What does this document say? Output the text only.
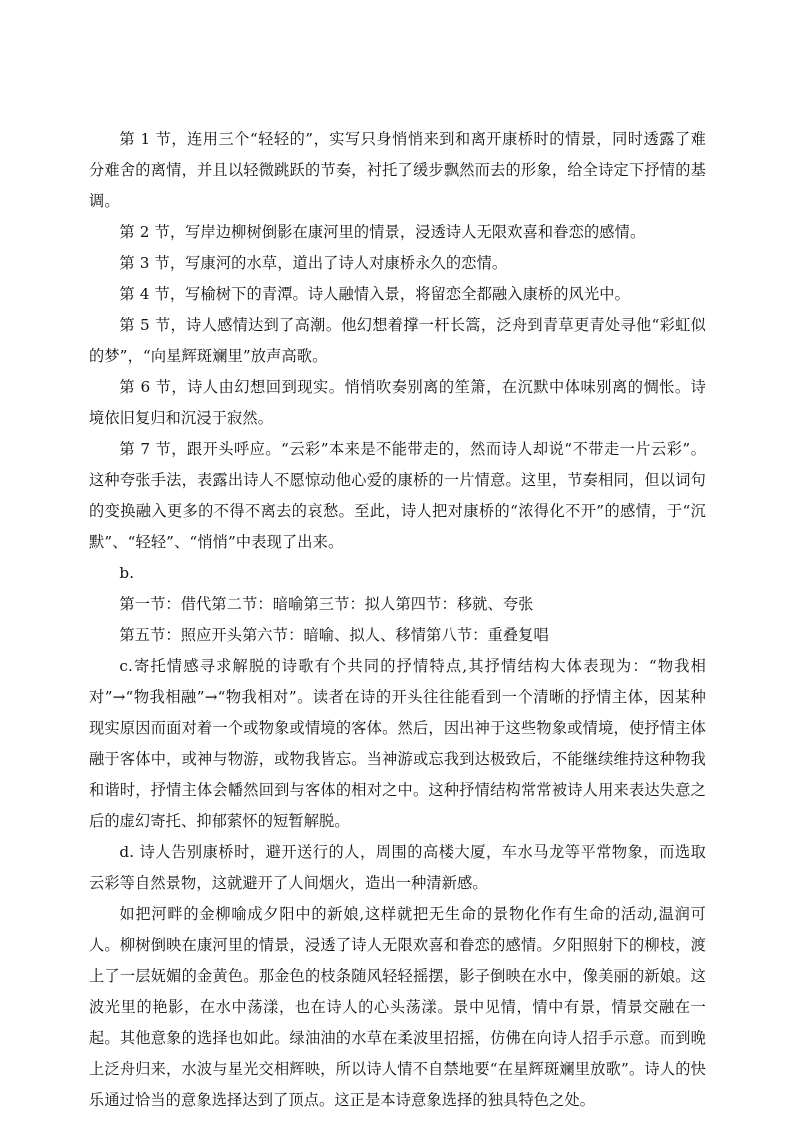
第 1 节，连用三个“轻轻的”，实写只身悄悄来到和离开康桥时的情景，同时透露了难分难舍的离情，并且以轻微跳跃的节奏，衬托了缓步飘然而去的形象，给全诗定下抒情的基调。

第 2 节，写岸边柳树倒影在康河里的情景，浸透诗人无限欢喜和眷恋的感情。

第 3 节，写康河的水草，道出了诗人对康桥永久的恋情。

第 4 节，写榆树下的青潭。诗人融情入景，将留恋全都融入康桥的风光中。

第 5 节，诗人感情达到了高潮。他幻想着撑一杆长篙，泛舟到青草更青处寻他“彩虹似的梦”，“向星辉斑斓里”放声高歌。

第 6 节，诗人由幻想回到现实。悄悄吹奏别离的笙箫，在沉默中体味别离的惆怅。诗境依旧复归和沉浸于寂然。

第 7 节，跟开头呼应。“云彩”本来是不能带走的，然而诗人却说“不带走一片云彩”。这种夸张手法，表露出诗人不愿惊动他心爱的康桥的一片情意。这里，节奏相同，但以词句的变换融入更多的不得不离去的哀愁。至此，诗人把对康桥的“浓得化不开”的感情，于“沉默”、“轻轻”、“悄悄”中表现了出来。

b.

第一节：借代第二节：暗喻第三节：拟人第四节：移就、夸张

第五节：照应开头第六节：暗喻、拟人、移情第八节：重叠复唱

c.寄托情感寻求解脱的诗歌有个共同的抒情特点,其抒情结构大体表现为：“物我相对”→“物我相融”→“物我相对”。读者在诗的开头往往能看到一个清晰的抒情主体，因某种现实原因而面对着一个或物象或情境的客体。然后，因出神于这些物象或情境，使抒情主体融于客体中，或神与物游，或物我皆忘。当神游或忘我到达极致后，不能继续维持这种物我和谐时，抒情主体会幡然回到与客体的相对之中。这种抒情结构常常被诗人用来表达失意之后的虚幻寄托、抑郁萦怀的短暂解脱。

d. 诗人告别康桥时，避开送行的人，周围的高楼大厦，车水马龙等平常物象，而选取云彩等自然景物，这就避开了人间烟火，造出一种清新感。

如把河畔的金柳喻成夕阳中的新娘,这样就把无生命的景物化作有生命的活动,温润可人。柳树倒映在康河里的情景，浸透了诗人无限欢喜和眷恋的感情。夕阳照射下的柳枝，渡上了一层妩媚的金黄色。那金色的枝条随风轻轻摇摆，影子倒映在水中，像美丽的新娘。这波光里的艳影，在水中荡漾，也在诗人的心头荡漾。景中见情，情中有景，情景交融在一起。其他意象的选择也如此。绿油油的水草在柔波里招摇，仿佛在向诗人招手示意。而到晚上泛舟归来，水波与星光交相辉映，所以诗人情不自禁地要“在星辉斑斓里放歌”。诗人的快乐通过恰当的意象选择达到了顶点。这正是本诗意象选择的独具特色之处。
